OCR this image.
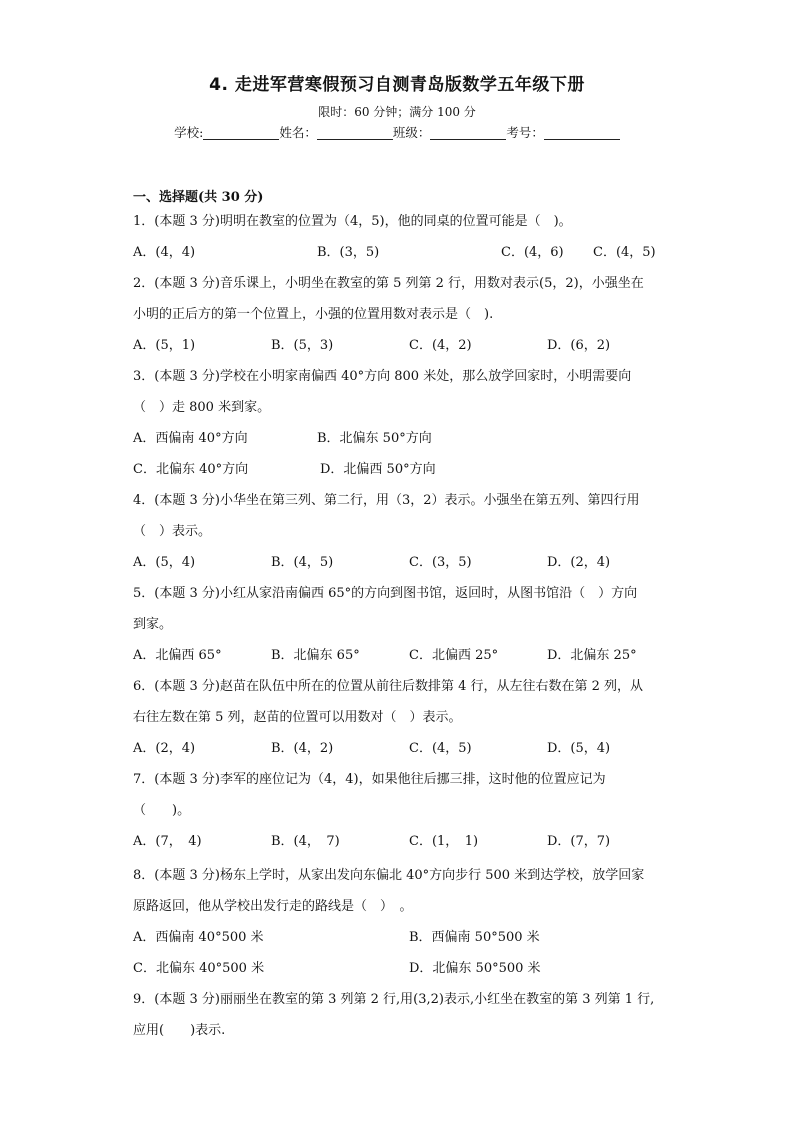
4. 走进军营寒假预习自测青岛版数学五年级下册
限时：60 分钟；满分 100 分
学校:	姓名：	班级：	考号：
一、选择题(共 30 分)
1．(本题 3 分)明明在教室的位置为（4，5)，他的同桌的位置可能是（　)。
A．(4，4)	B．(3，5)	C．(4，6) C．(4，5)
2．(本题 3 分)音乐课上，小明坐在教室的第 5 列第 2 行，用数对表示(5，2)，小强坐在
小明的正后方的第一个位置上，小强的位置用数对表示是（　).
A．(5，1)	B．(5，3)	C．(4，2)	D．(6，2)
3．(本题 3 分)学校在小明家南偏西 40°方向 800 米处，那么放学回家时，小明需要向
（　）走 800 米到家。
A．西偏南 40°方向	B．北偏东 50°方向
C．北偏东 40°方向	D．北偏西 50°方向
4．(本题 3 分)小华坐在第三列、第二行，用（3，2）表示。小强坐在第五列、第四行用
（　）表示。
A．(5，4)	B．(4，5)	C．(3，5)	D．(2，4)
5．(本题 3 分)小红从家沿南偏西 65°的方向到图书馆，返回时，从图书馆沿（　）方向
到家。
A．北偏西 65°	B．北偏东 65°	C．北偏西 25°	D．北偏东 25°
6．(本题 3 分)赵苗在队伍中所在的位置从前往后数排第 4 行，从左往右数在第 2 列，从
右往左数在第 5 列，赵苗的位置可以用数对（　）表示。
A．(2，4)	B．(4，2)	C．(4，5)	D．(5，4)
7．(本题 3 分)李军的座位记为（4，4)，如果他往后挪三排，这时他的位置应记为
（　　)。
A．(7，　4)	B．(4，　7)	C．(1，　1)	D．(7，7)
8．(本题 3 分)杨东上学时，从家出发向东偏北 40°方向步行 500 米到达学校，放学回家
原路返回，他从学校出发行走的路线是（　）　。
A．西偏南 40°500 米	B．西偏南 50°500 米
C．北偏东 40°500 米	D．北偏东 50°500 米
9．(本题 3 分)丽丽坐在教室的第 3 列第 2 行,用(3,2)表示,小红坐在教室的第 3 列第 1 行,
应用(　　)表示.
